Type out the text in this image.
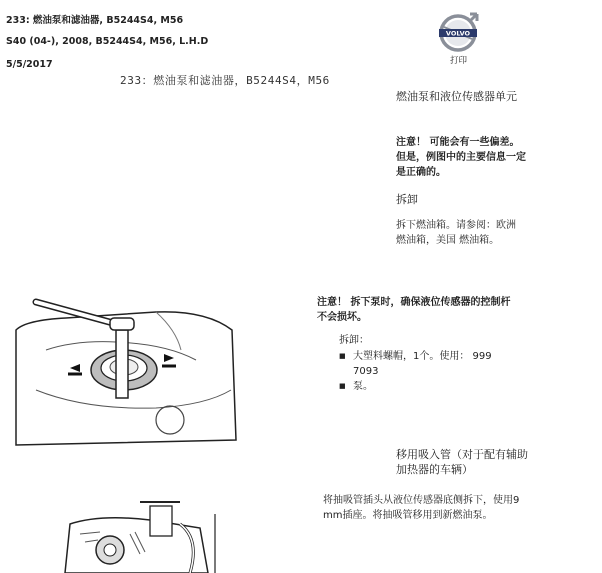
233: 燃油泵和滤油器, B5244S4, M56
S40 (04-), 2008, B5244S4, M56, L.H.D
5/5/2017
233：燃油泵和滤油器，B5244S4，M56
VOLVO
打印
燃油泵和液位传感器单元
注意！ 可能会有一些偏差。但是，例图中的主要信息一定是正确的。
拆卸
拆下燃油箱。请参阅：欧洲 燃油箱，美国 燃油箱。
注意！ 拆下泵时，确保液位传感器的控制杆不会损坏。
拆卸：
■ 大塑料螺帽，1个。使用： 999 7093
■ 泵。
移用吸入管（对于配有辅助加热器的车辆）
将抽吸管插头从液位传感器底侧拆下，使用9 mm插座。将抽吸管移用到新燃油泵。
